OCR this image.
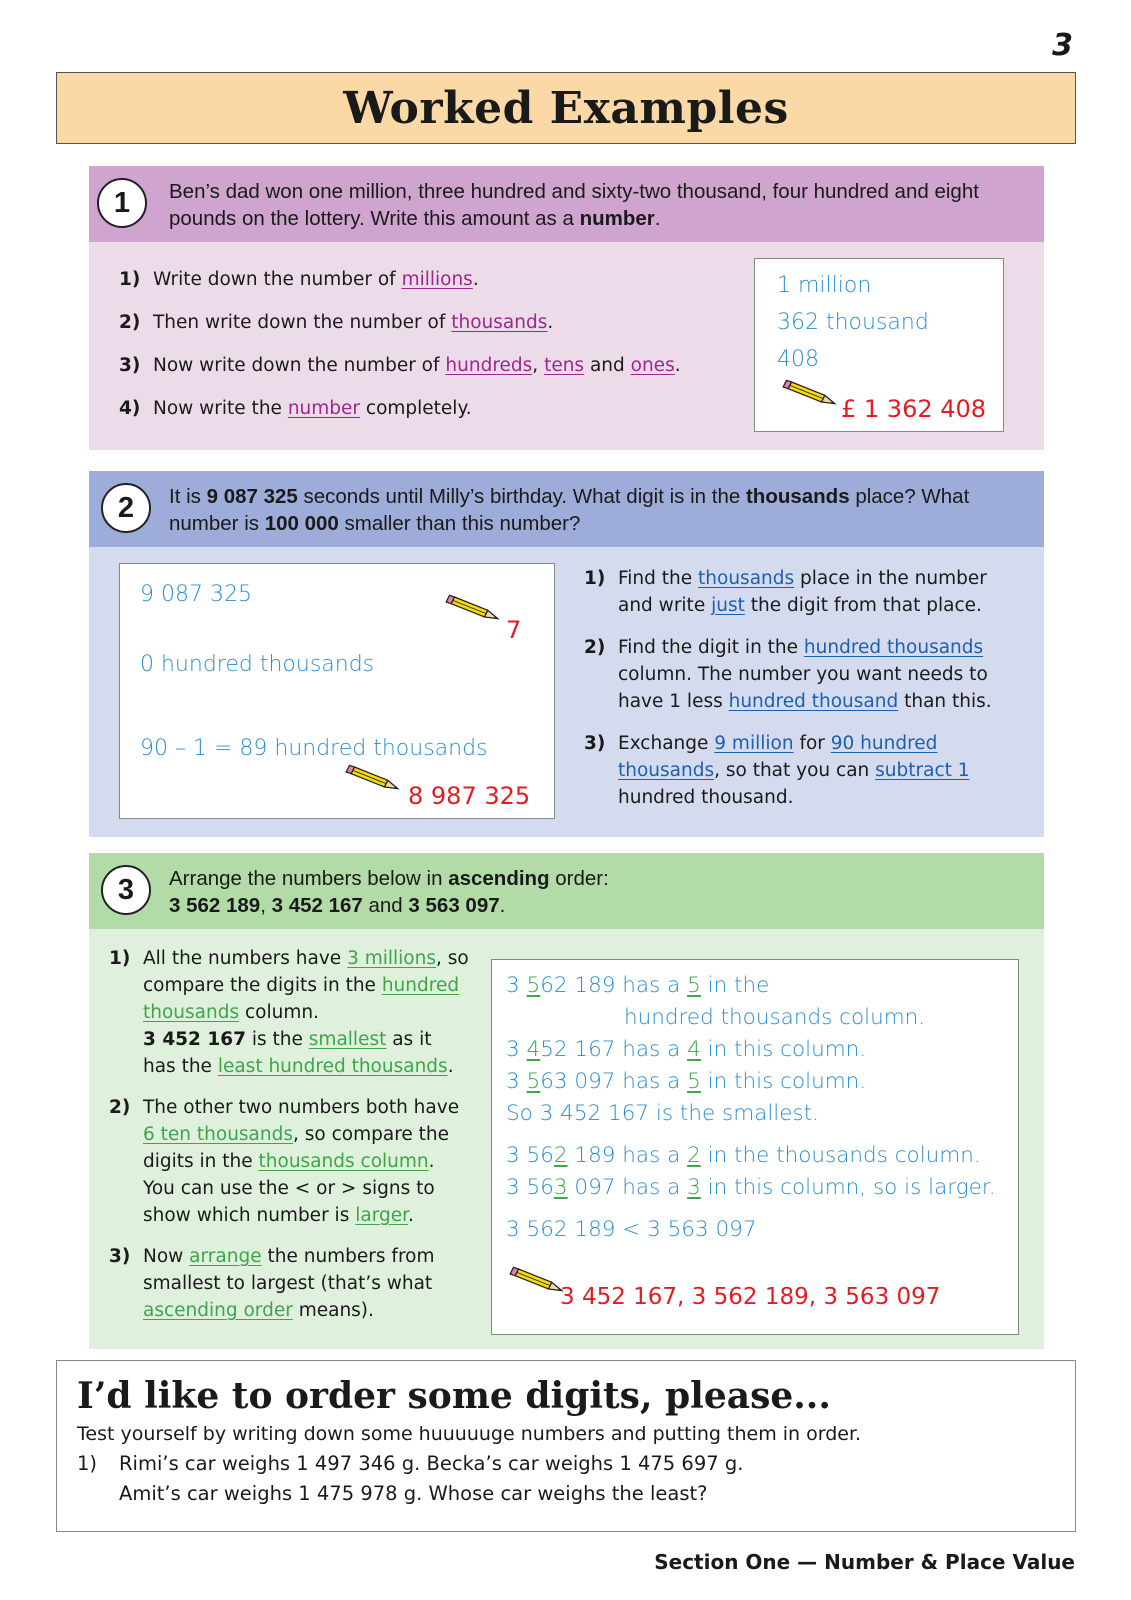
3
Worked Examples
1	Ben’s dad won one million, three hundred and sixty-two thousand, four hundred and eight pounds on the lottery. Write this amount as a number.
1) Write down the number of millions.
2) Then write down the number of thousands.
3) Now write down the number of hundreds, tens and ones.
4) Now write the number completely.
1 million
362 thousand
408
£ 1 362 408
2	It is 9 087 325 seconds until Milly’s birthday. What digit is in the thousands place? What number is 100 000 smaller than this number?
9 087 325
7
0 hundred thousands
90 – 1 = 89 hundred thousands
8 987 325
1) Find the thousands place in the number and write just the digit from that place.
2) Find the digit in the hundred thousands column. The number you want needs to have 1 less hundred thousand than this.
3) Exchange 9 million for 90 hundred thousands, so that you can subtract 1 hundred thousand.
3	Arrange the numbers below in ascending order:
3 562 189, 3 452 167 and 3 563 097.
1) All the numbers have 3 millions, so compare the digits in the hundred thousands column.
3 452 167 is the smallest as it has the least hundred thousands.
2) The other two numbers both have 6 ten thousands, so compare the digits in the thousands column. You can use the < or > signs to show which number is larger.
3) Now arrange the numbers from smallest to largest (that’s what ascending order means).
3 562 189 has a 5 in the
hundred thousands column.
3 452 167 has a 4 in this column.
3 563 097 has a 5 in this column.
So 3 452 167 is the smallest.
3 562 189 has a 2 in the thousands column.
3 563 097 has a 3 in this column, so is larger.
3 562 189 < 3 563 097
3 452 167, 3 562 189, 3 563 097
I’d like to order some digits, please...

Test yourself by writing down some huuuuuge numbers and putting them in order.

1)	Rimi’s car weighs 1 497 346 g. Becka’s car weighs 1 475 697 g.
Amit’s car weighs 1 475 978 g. Whose car weighs the least?
Section One — Number & Place Value
